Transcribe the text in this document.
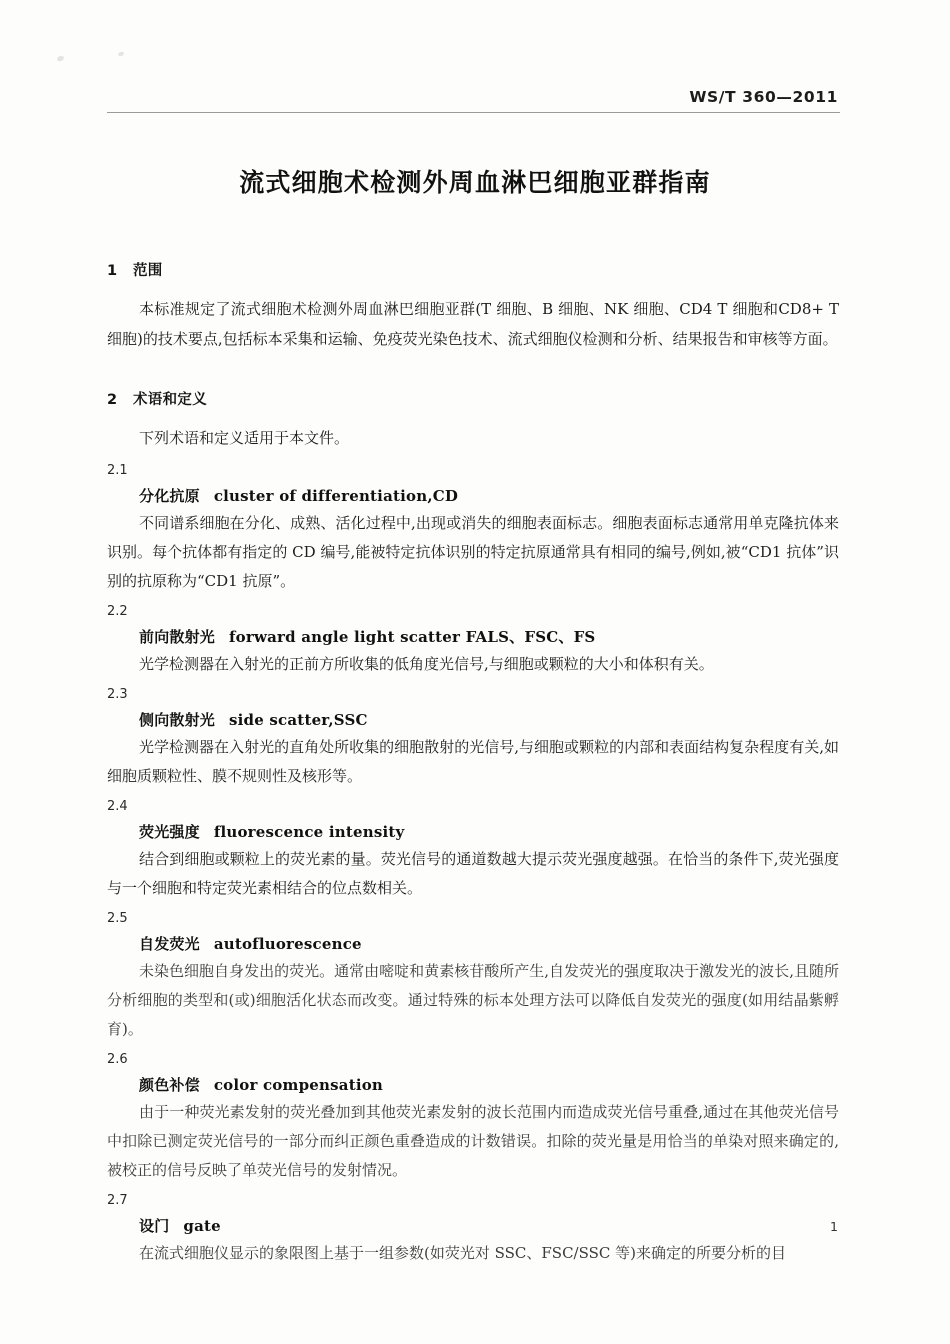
WS/T 360—2011
流式细胞术检测外周血淋巴细胞亚群指南
1 范围

本标准规定了流式细胞术检测外周血淋巴细胞亚群(T 细胞、B 细胞、NK 细胞、CD4 T 细胞和CD8+ T 细胞)的技术要点,包括标本采集和运输、免疫荧光染色技术、流式细胞仪检测和分析、结果报告和审核等方面。

2 术语和定义

下列术语和定义适用于本文件。

2.1
分化抗原 cluster of differentiation,CD

不同谱系细胞在分化、成熟、活化过程中,出现或消失的细胞表面标志。细胞表面标志通常用单克隆抗体来识别。每个抗体都有指定的 CD 编号,能被特定抗体识别的特定抗原通常具有相同的编号,例如,被“CD1 抗体”识别的抗原称为“CD1 抗原”。

2.2
前向散射光 forward angle light scatter FALS、FSC、FS

光学检测器在入射光的正前方所收集的低角度光信号,与细胞或颗粒的大小和体积有关。

2.3
侧向散射光 side scatter,SSC

光学检测器在入射光的直角处所收集的细胞散射的光信号,与细胞或颗粒的内部和表面结构复杂程度有关,如细胞质颗粒性、膜不规则性及核形等。

2.4
荧光强度 fluorescence intensity

结合到细胞或颗粒上的荧光素的量。荧光信号的通道数越大提示荧光强度越强。在恰当的条件下,荧光强度与一个细胞和特定荧光素相结合的位点数相关。

2.5
自发荧光 autofluorescence

未染色细胞自身发出的荧光。通常由嘧啶和黄素核苷酸所产生,自发荧光的强度取决于激发光的波长,且随所分析细胞的类型和(或)细胞活化状态而改变。通过特殊的标本处理方法可以降低自发荧光的强度(如用结晶紫孵育)。

2.6
颜色补偿 color compensation

由于一种荧光素发射的荧光叠加到其他荧光素发射的波长范围内而造成荧光信号重叠,通过在其他荧光信号中扣除已测定荧光信号的一部分而纠正颜色重叠造成的计数错误。扣除的荧光量是用恰当的单染对照来确定的,被校正的信号反映了单荧光信号的发射情况。

2.7
设门 gate

在流式细胞仪显示的象限图上基于一组参数(如荧光对 SSC、FSC/SSC 等)来确定的所要分析的目

1
